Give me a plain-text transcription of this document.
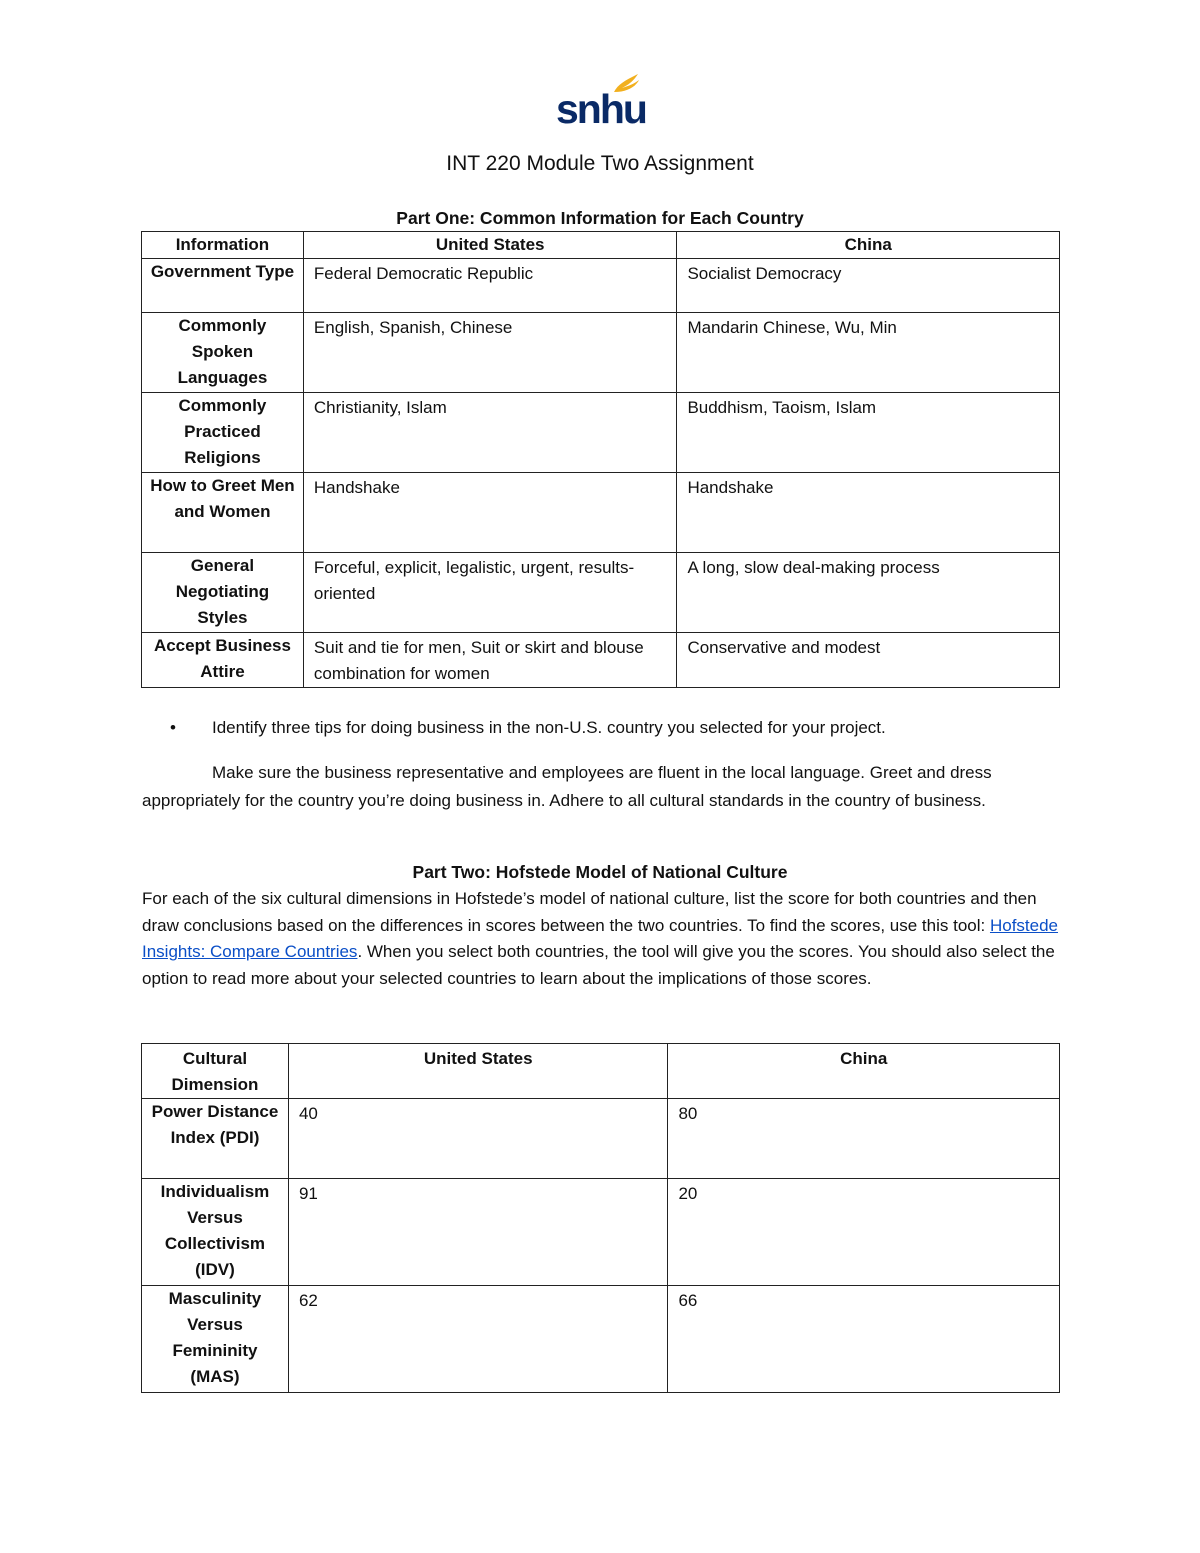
snhu
INT 220 Module Two Assignment
Part One: Common Information for Each Country
Information	United States	China
Government Type	Federal Democratic Republic	Socialist Democracy
Commonly Spoken Languages	English, Spanish, Chinese	Mandarin Chinese, Wu, Min
Commonly Practiced Religions	Christianity, Islam	Buddhism, Taoism, Islam
How to Greet Men and Women	Handshake	Handshake
General Negotiating Styles	Forceful, explicit, legalistic, urgent, results-oriented	A long, slow deal-making process
Accept Business Attire	Suit and tie for men, Suit or skirt and blouse combination for women	Conservative and modest
• Identify three tips for doing business in the non-U.S. country you selected for your project.
Make sure the business representative and employees are fluent in the local language. Greet and dress appropriately for the country you’re doing business in. Adhere to all cultural standards in the country of business.
Part Two: Hofstede Model of National Culture
For each of the six cultural dimensions in Hofstede’s model of national culture, list the score for both countries and then draw conclusions based on the differences in scores between the two countries. To find the scores, use this tool: Hofstede Insights: Compare Countries. When you select both countries, the tool will give you the scores. You should also select the option to read more about your selected countries to learn about the implications of those scores.
Cultural Dimension	United States	China
Power Distance Index (PDI)	40	80
Individualism Versus Collectivism (IDV)	91	20
Masculinity Versus Femininity (MAS)	62	66
